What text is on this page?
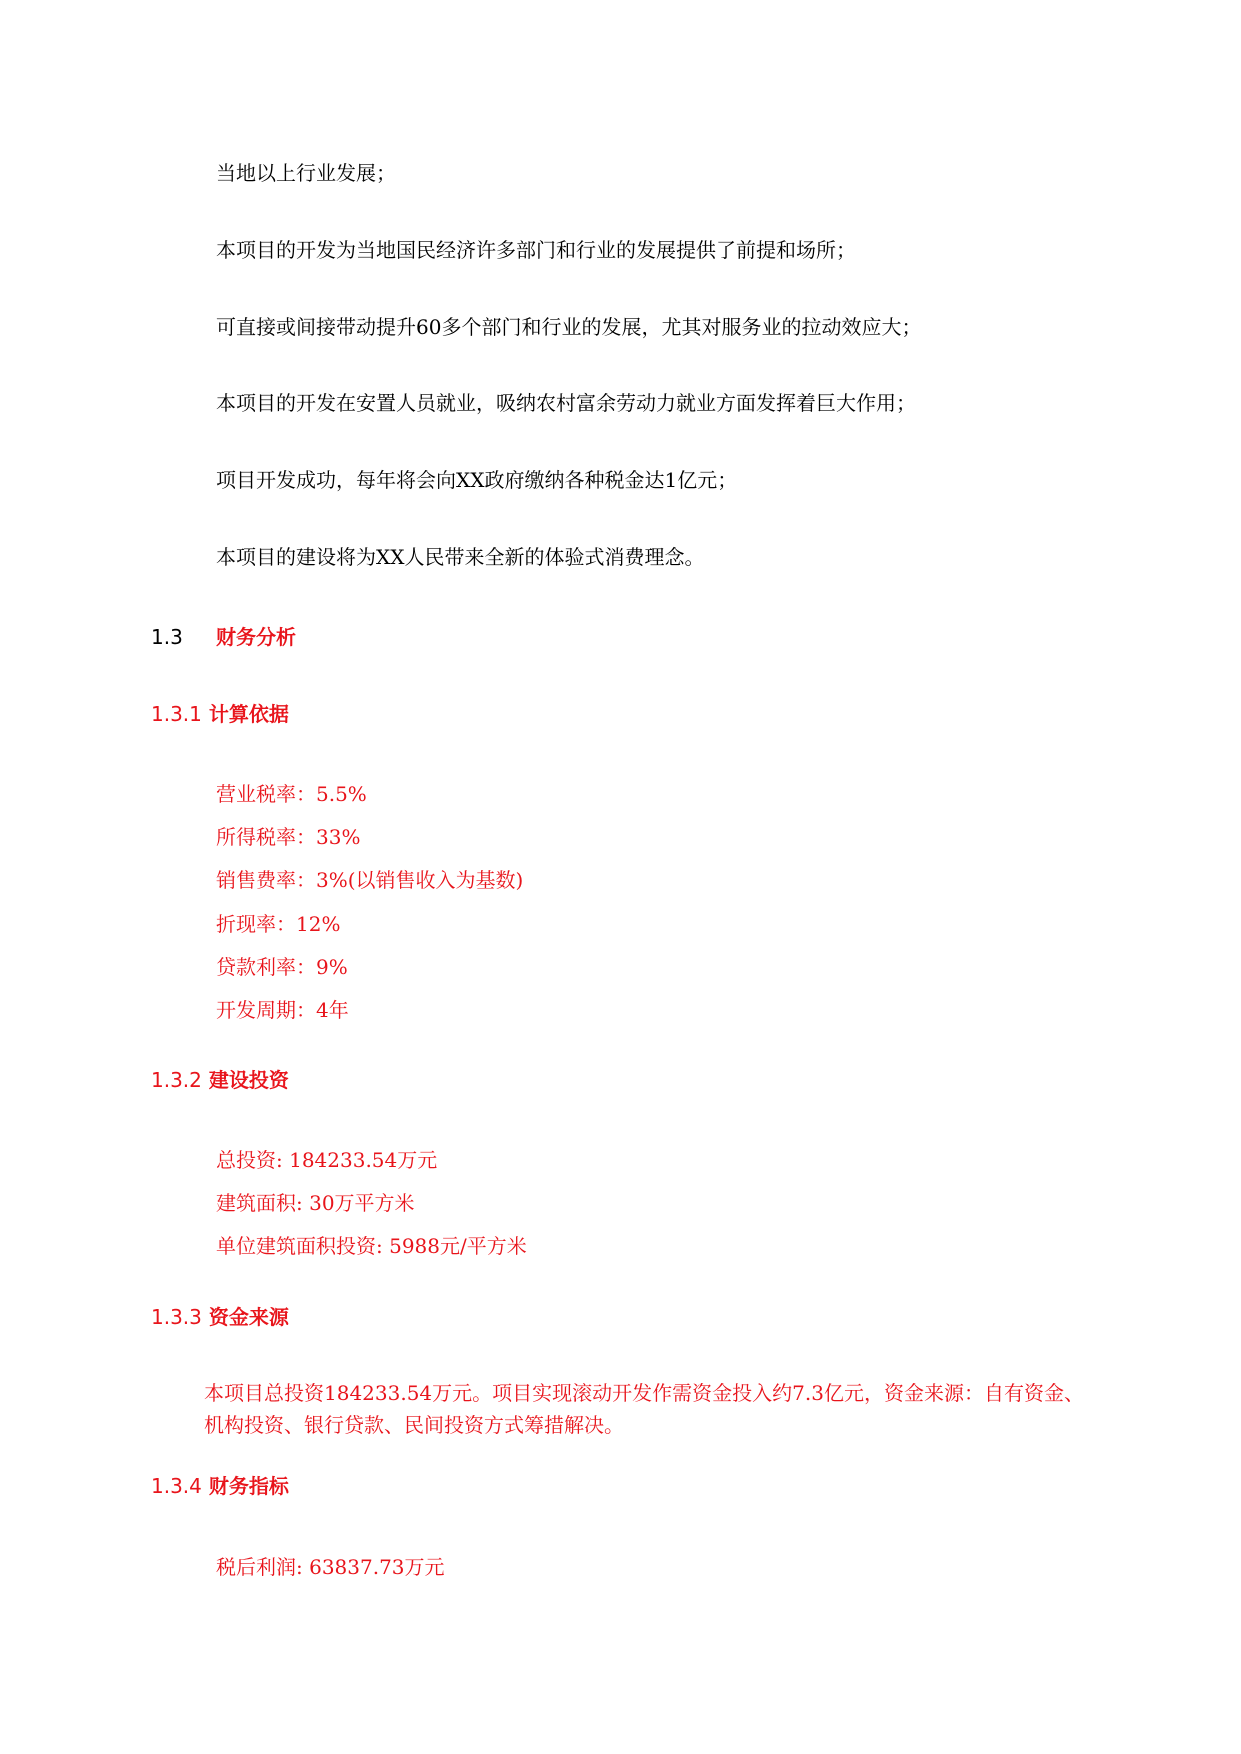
当地以上行业发展；
本项目的开发为当地国民经济许多部门和行业的发展提供了前提和场所；
可直接或间接带动提升60多个部门和行业的发展，尤其对服务业的拉动效应大；
本项目的开发在安置人员就业，吸纳农村富余劳动力就业方面发挥着巨大作用；
项目开发成功，每年将会向XX政府缴纳各种税金达1亿元；
本项目的建设将为XX人民带来全新的体验式消费理念。
1.3 财务分析
1.3.1 计算依据
营业税率：5.5%
所得税率：33%
销售费率：3%(以销售收入为基数)
折现率：12%
贷款利率：9%
开发周期：4年
1.3.2 建设投资
总投资: 184233.54万元
建筑面积: 30万平方米
单位建筑面积投资: 5988元/平方米
1.3.3 资金来源
本项目总投资184233.54万元。项目实现滚动开发作需资金投入约7.3亿元，资金来源：自有资金、机构投资、银行贷款、民间投资方式筹措解决。
1.3.4 财务指标
税后利润: 63837.73万元
